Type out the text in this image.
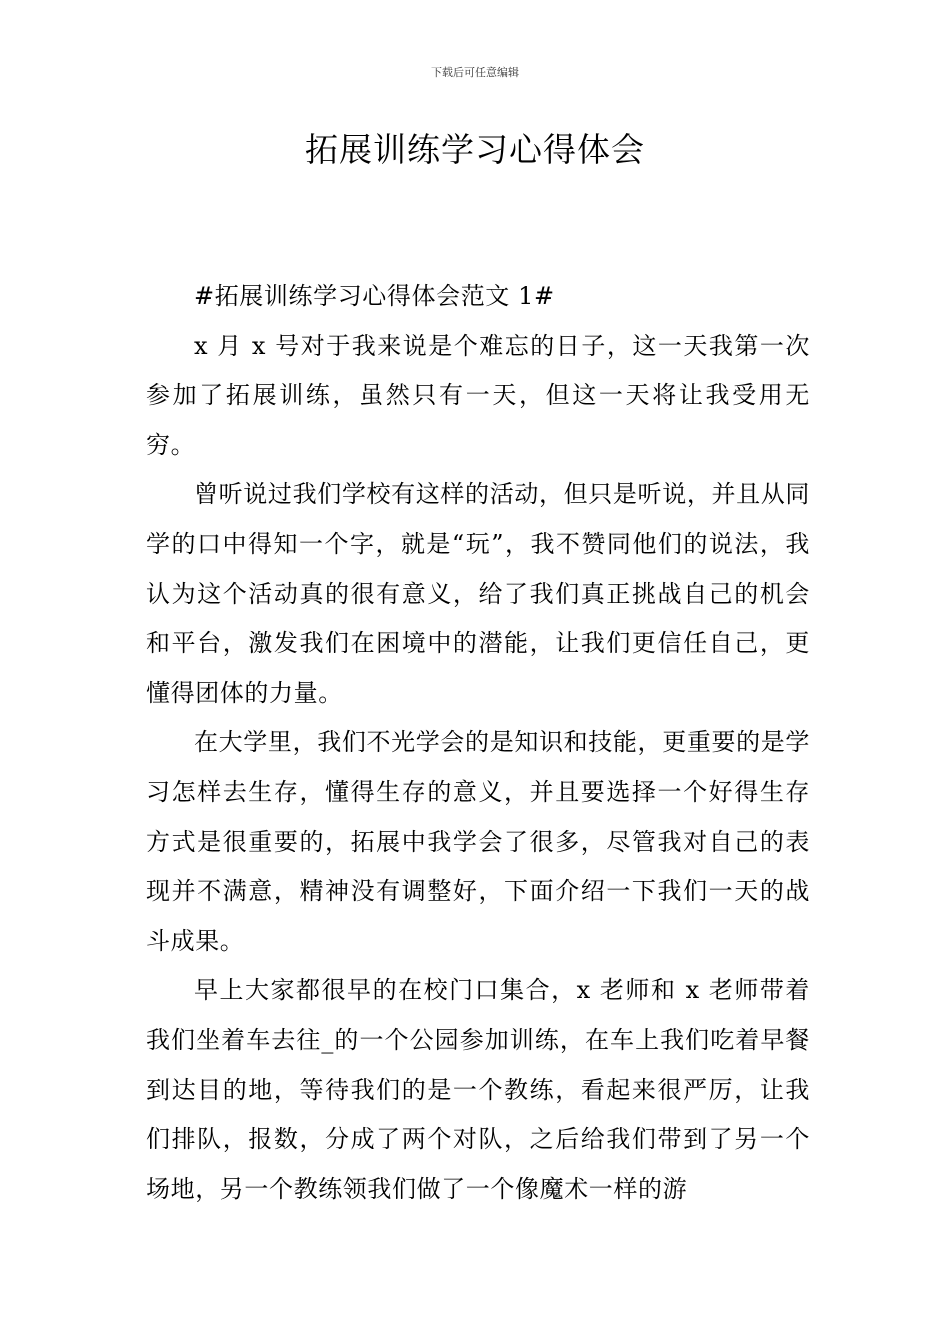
下载后可任意编辑
拓展训练学习心得体会

#拓展训练学习心得体会范文 1#

x 月 x 号对于我来说是个难忘的日子，这一天我第一次参加了拓展训练，虽然只有一天，但这一天将让我受用无穷。

曾听说过我们学校有这样的活动，但只是听说，并且从同学的口中得知一个字，就是“玩”，我不赞同他们的说法，我认为这个活动真的很有意义，给了我们真正挑战自己的机会和平台，激发我们在困境中的潜能，让我们更信任自己，更懂得团体的力量。

在大学里，我们不光学会的是知识和技能，更重要的是学习怎样去生存，懂得生存的意义，并且要选择一个好得生存方式是很重要的，拓展中我学会了很多，尽管我对自己的表现并不满意，精神没有调整好，下面介绍一下我们一天的战斗成果。

早上大家都很早的在校门口集合，x 老师和 x 老师带着我们坐着车去往_的一个公园参加训练，在车上我们吃着早餐到达目的地，等待我们的是一个教练，看起来很严厉，让我们排队，报数，分成了两个对队，之后给我们带到了另一个场地，另一个教练领我们做了一个像魔术一样的游
